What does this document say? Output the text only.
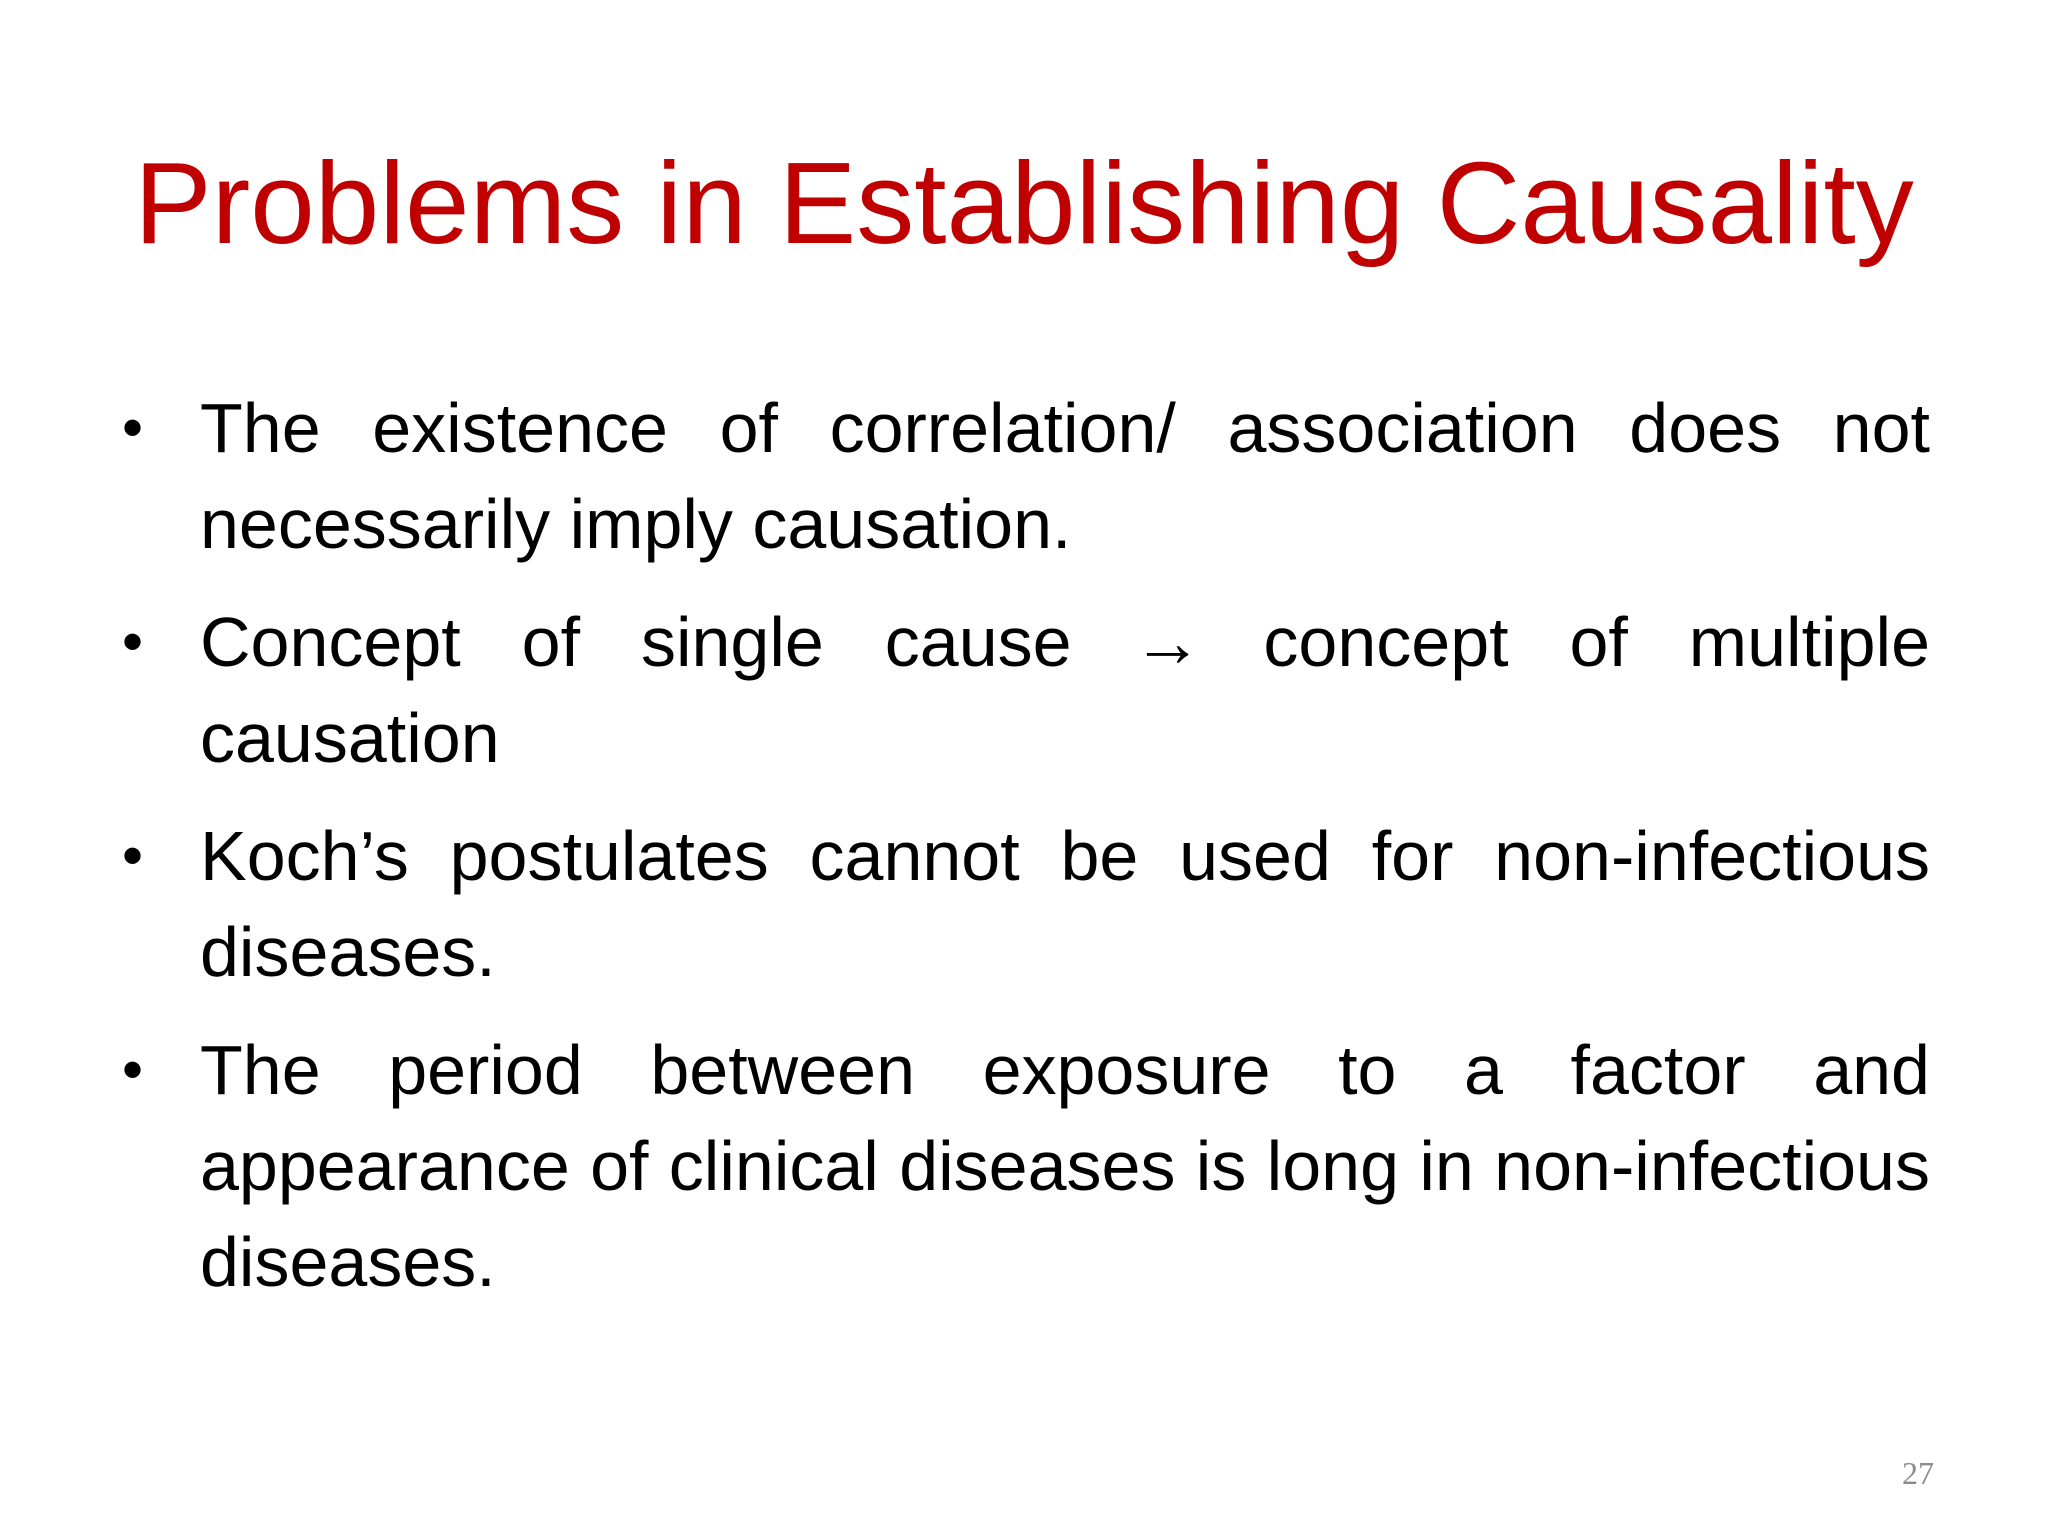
Problems in Establishing Causality
• The existence of correlation/ association does not necessarily imply causation.
• Concept of single cause → concept of multiple causation
• Koch’s postulates cannot be used for non-infectious diseases.
• The period between exposure to a factor and appearance of clinical diseases is long in non-infectious diseases.
27
